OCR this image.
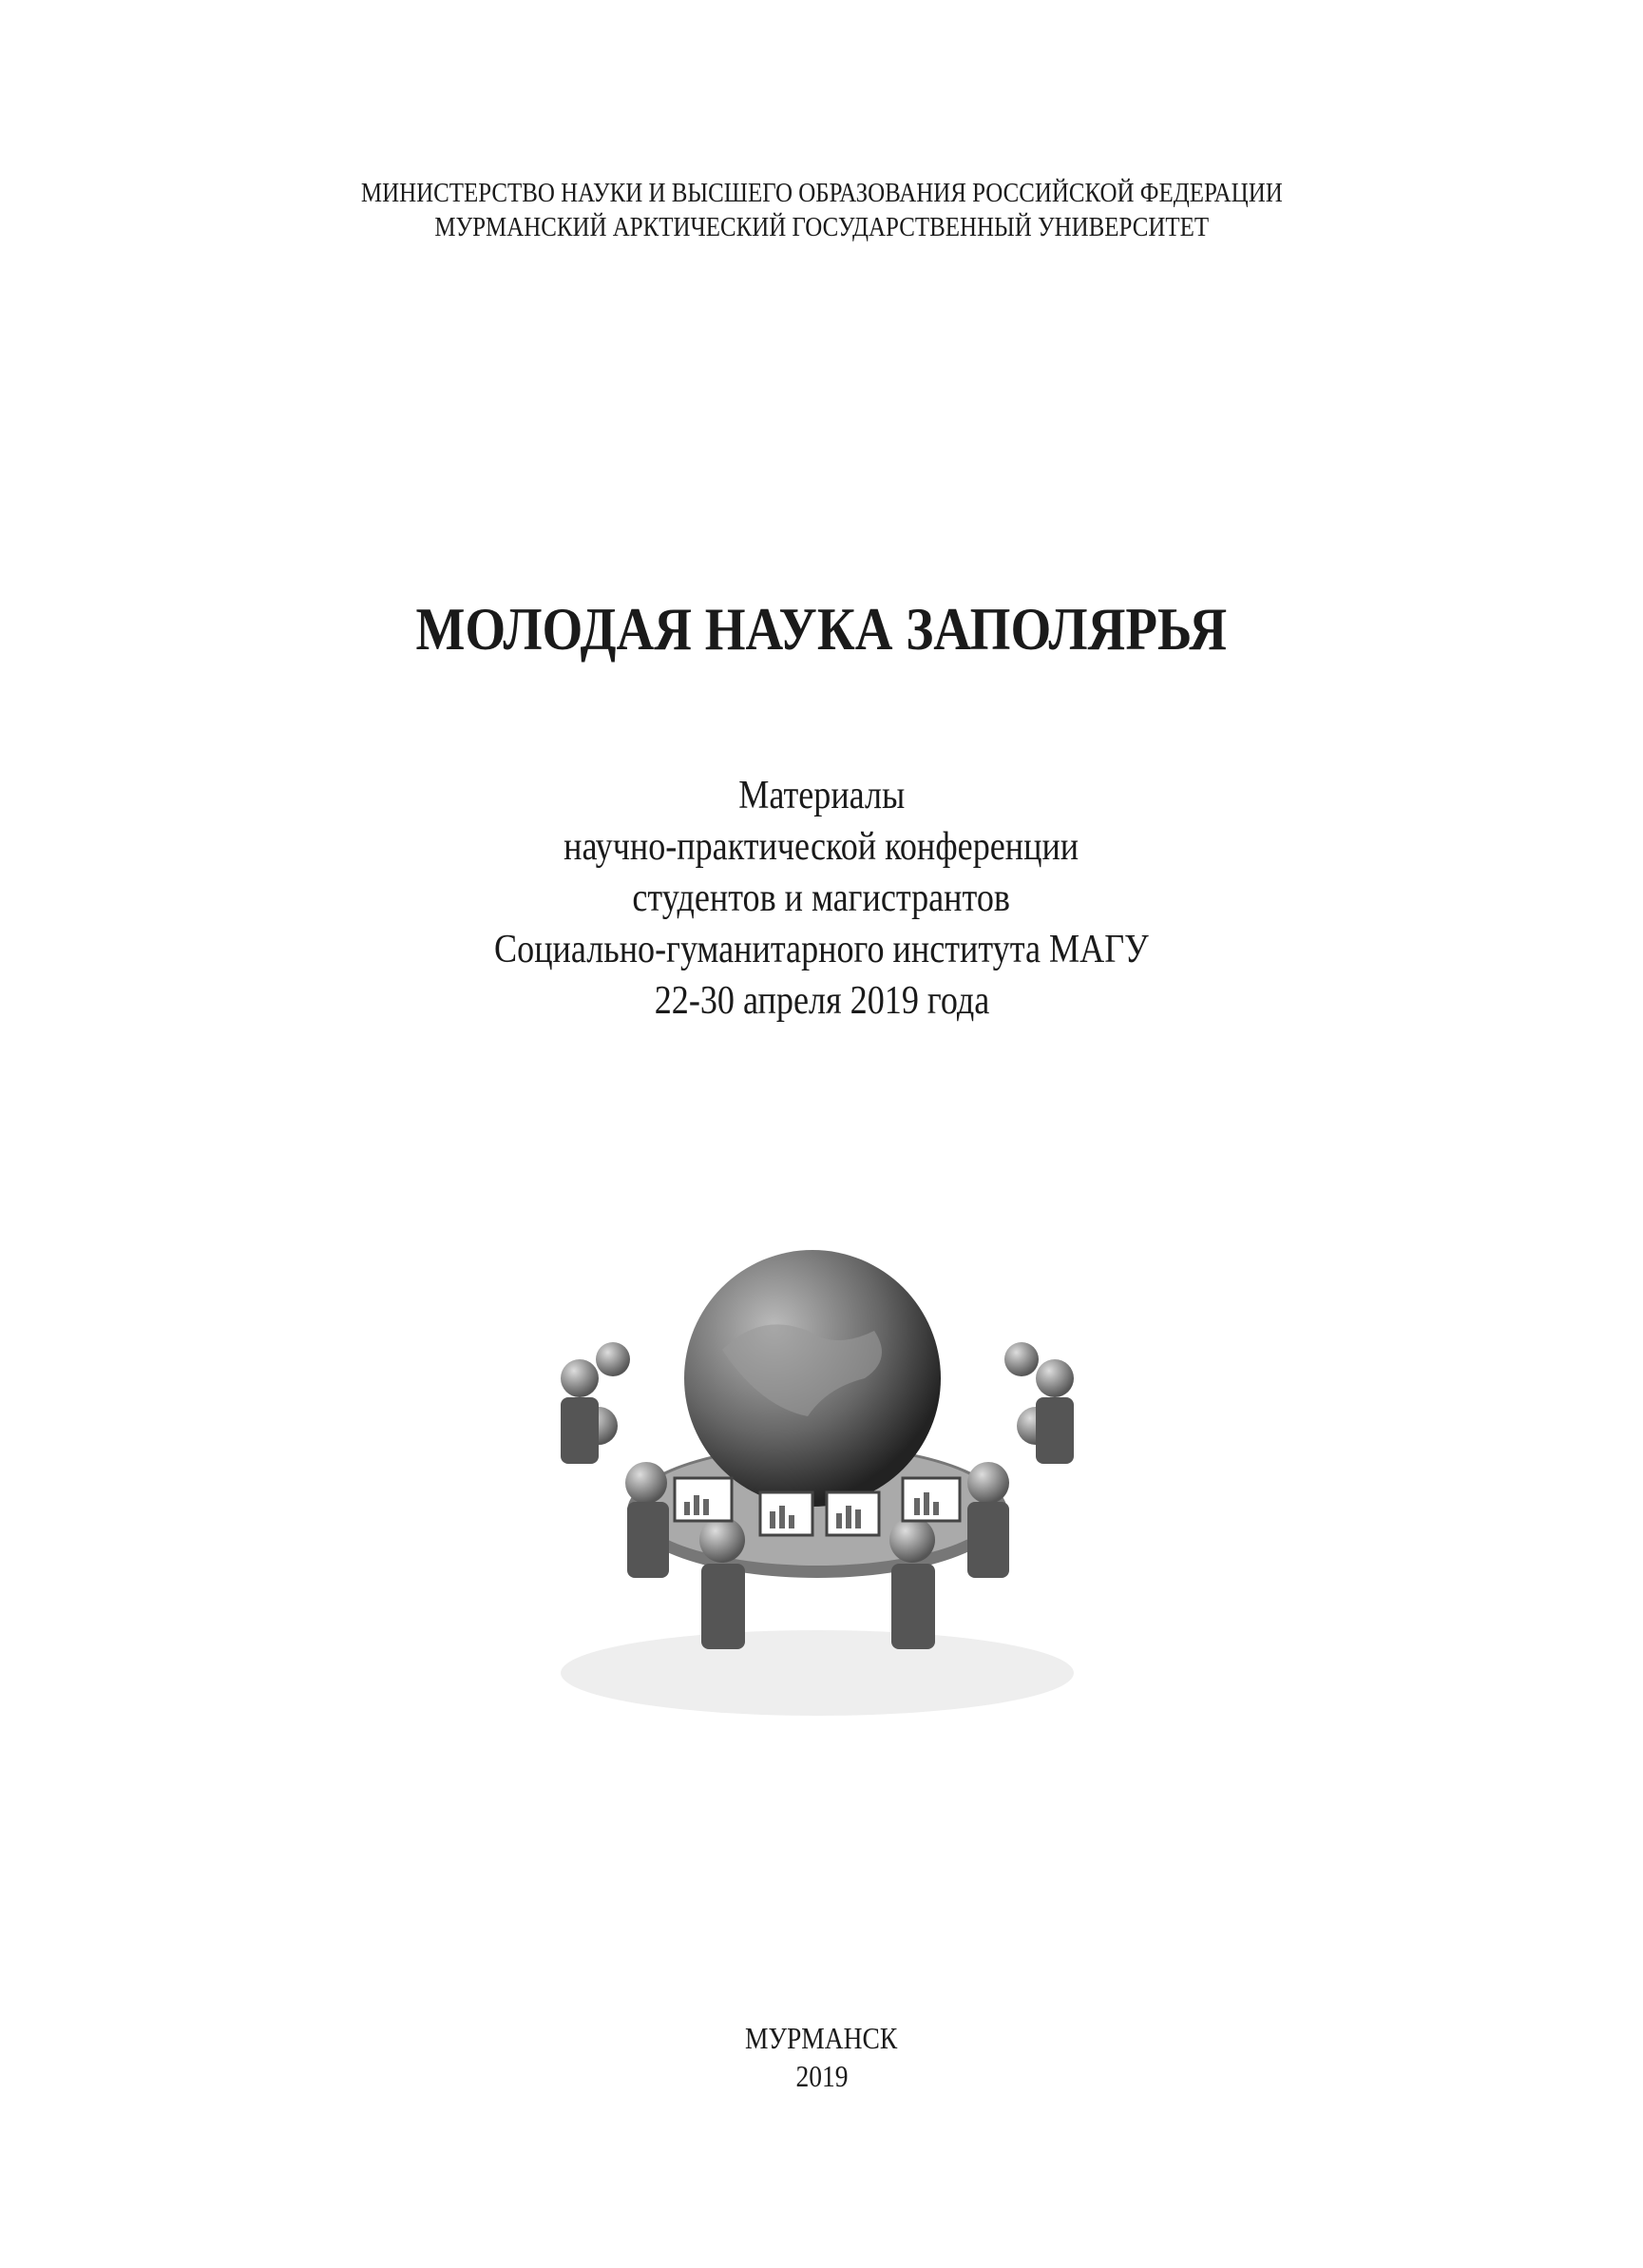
МИНИСТЕРСТВО НАУКИ И ВЫСШЕГО ОБРАЗОВАНИЯ РОССИЙСКОЙ ФЕДЕРАЦИИ
МУРМАНСКИЙ АРКТИЧЕСКИЙ ГОСУДАРСТВЕННЫЙ УНИВЕРСИТЕТ
МОЛОДАЯ НАУКА ЗАПОЛЯРЬЯ
Материалы
научно-практической конференции
студентов и магистрантов
Социально-гуманитарного института МАГУ
22-30 апреля 2019 года
МУРМАНСК
2019
